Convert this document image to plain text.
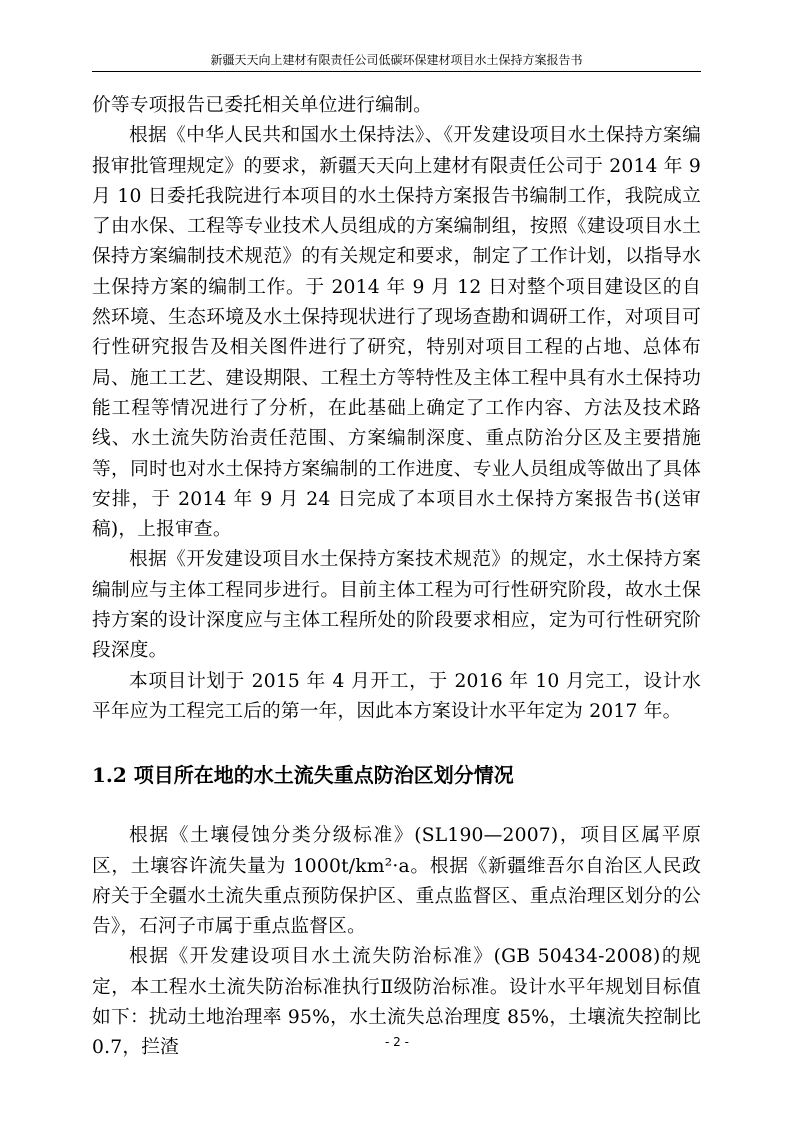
新疆天天向上建材有限责任公司低碳环保建材项目水土保持方案报告书

价等专项报告已委托相关单位进行编制。

根据《中华人民共和国水土保持法》、《开发建设项目水土保持方案编报审批管理规定》的要求，新疆天天向上建材有限责任公司于 2014 年 9 月 10 日委托我院进行本项目的水土保持方案报告书编制工作，我院成立了由水保、工程等专业技术人员组成的方案编制组，按照《建设项目水土保持方案编制技术规范》的有关规定和要求，制定了工作计划，以指导水土保持方案的编制工作。于 2014 年 9 月 12 日对整个项目建设区的自然环境、生态环境及水土保持现状进行了现场查勘和调研工作，对项目可行性研究报告及相关图件进行了研究，特别对项目工程的占地、总体布局、施工工艺、建设期限、工程土方等特性及主体工程中具有水土保持功能工程等情况进行了分析，在此基础上确定了工作内容、方法及技术路线、水土流失防治责任范围、方案编制深度、重点防治分区及主要措施等，同时也对水土保持方案编制的工作进度、专业人员组成等做出了具体安排，于 2014 年 9 月 24 日完成了本项目水土保持方案报告书(送审稿)，上报审查。

根据《开发建设项目水土保持方案技术规范》的规定，水土保持方案编制应与主体工程同步进行。目前主体工程为可行性研究阶段，故水土保持方案的设计深度应与主体工程所处的阶段要求相应，定为可行性研究阶段深度。

本项目计划于 2015 年 4 月开工，于 2016 年 10 月完工，设计水平年应为工程完工后的第一年，因此本方案设计水平年定为 2017 年。

1.2 项目所在地的水土流失重点防治区划分情况

根据《土壤侵蚀分类分级标准》(SL190—2007)，项目区属平原区，土壤容许流失量为 1000t/km²·a。根据《新疆维吾尔自治区人民政府关于全疆水土流失重点预防保护区、重点监督区、重点治理区划分的公告》，石河子市属于重点监督区。

根据《开发建设项目水土流失防治标准》(GB 50434-2008)的规定，本工程水土流失防治标准执行Ⅱ级防治标准。设计水平年规划目标值如下：扰动土地治理率 95%，水土流失总治理度 85%，土壤流失控制比 0.7，拦渣	- 2 -
